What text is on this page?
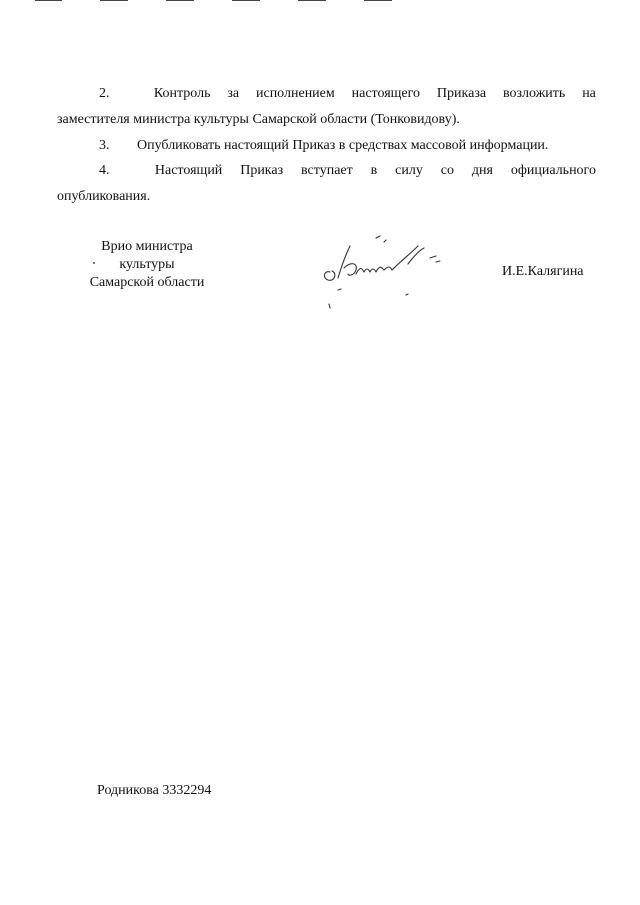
2.	Контроль за исполнением настоящего Приказа возложить на
заместителя министра культуры Самарской области (Тонковидову).
3.	Опубликовать настоящий Приказ в средствах массовой информации.
4.	Настоящий Приказ вступает в силу со дня официального
опубликования.
Врио министра
культуры
Самарской области
И.Е.Калягина
Родникова 3332294
